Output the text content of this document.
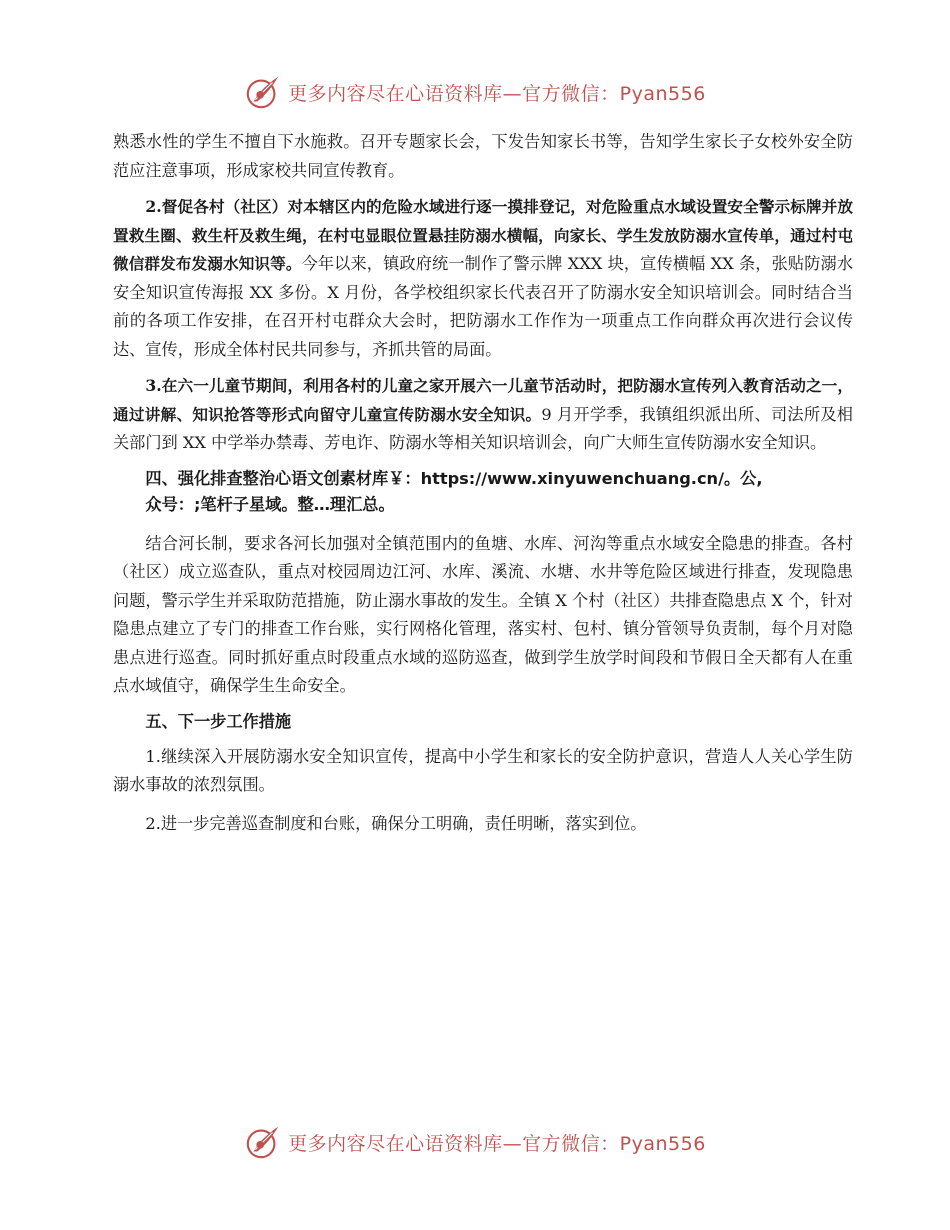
更多内容尽在心语资料库—官方微信：Pyan556

熟悉水性的学生不擅自下水施救。召开专题家长会，下发告知家长书等，告知学生家长子女校外安全防范应注意事项，形成家校共同宣传教育。

2.督促各村（社区）对本辖区内的危险水域进行逐一摸排登记，对危险重点水域设置安全警示标牌并放置救生圈、救生杆及救生绳，在村屯显眼位置悬挂防溺水横幅，向家长、学生发放防溺水宣传单，通过村屯微信群发布发溺水知识等。今年以来，镇政府统一制作了警示牌 XXX 块，宣传横幅 XX 条，张贴防溺水安全知识宣传海报 XX 多份。X 月份，各学校组织家长代表召开了防溺水安全知识培训会。同时结合当前的各项工作安排，在召开村屯群众大会时，把防溺水工作作为一项重点工作向群众再次进行会议传达、宣传，形成全体村民共同参与，齐抓共管的局面。

3.在六一儿童节期间，利用各村的儿童之家开展六一儿童节活动时，把防溺水宣传列入教育活动之一，通过讲解、知识抢答等形式向留守儿童宣传防溺水安全知识。9 月开学季，我镇组织派出所、司法所及相关部门到 XX 中学举办禁毒、芳电诈、防溺水等相关知识培训会，向广大师生宣传防溺水安全知识。

四、强化排查整治心语文创素材库￥：https://www.xinyuwenchuang.cn/。公,
众号：;笔杆子星域。整…理汇总。

结合河长制，要求各河长加强对全镇范围内的鱼塘、水库、河沟等重点水域安全隐患的排查。各村（社区）成立巡查队，重点对校园周边江河、水库、溪流、水塘、水井等危险区域进行排查，发现隐患问题，警示学生并采取防范措施，防止溺水事故的发生。全镇 X 个村（社区）共排查隐患点 X 个，针对隐患点建立了专门的排查工作台账，实行网格化管理，落实村、包村、镇分管领导负责制，每个月对隐患点进行巡查。同时抓好重点时段重点水域的巡防巡查，做到学生放学时间段和节假日全天都有人在重点水域值守，确保学生生命安全。

五、下一步工作措施

1.继续深入开展防溺水安全知识宣传，提高中小学生和家长的安全防护意识，营造人人关心学生防溺水事故的浓烈氛围。

2.进一步完善巡查制度和台账，确保分工明确，责任明晰，落实到位。

更多内容尽在心语资料库—官方微信：Pyan556
